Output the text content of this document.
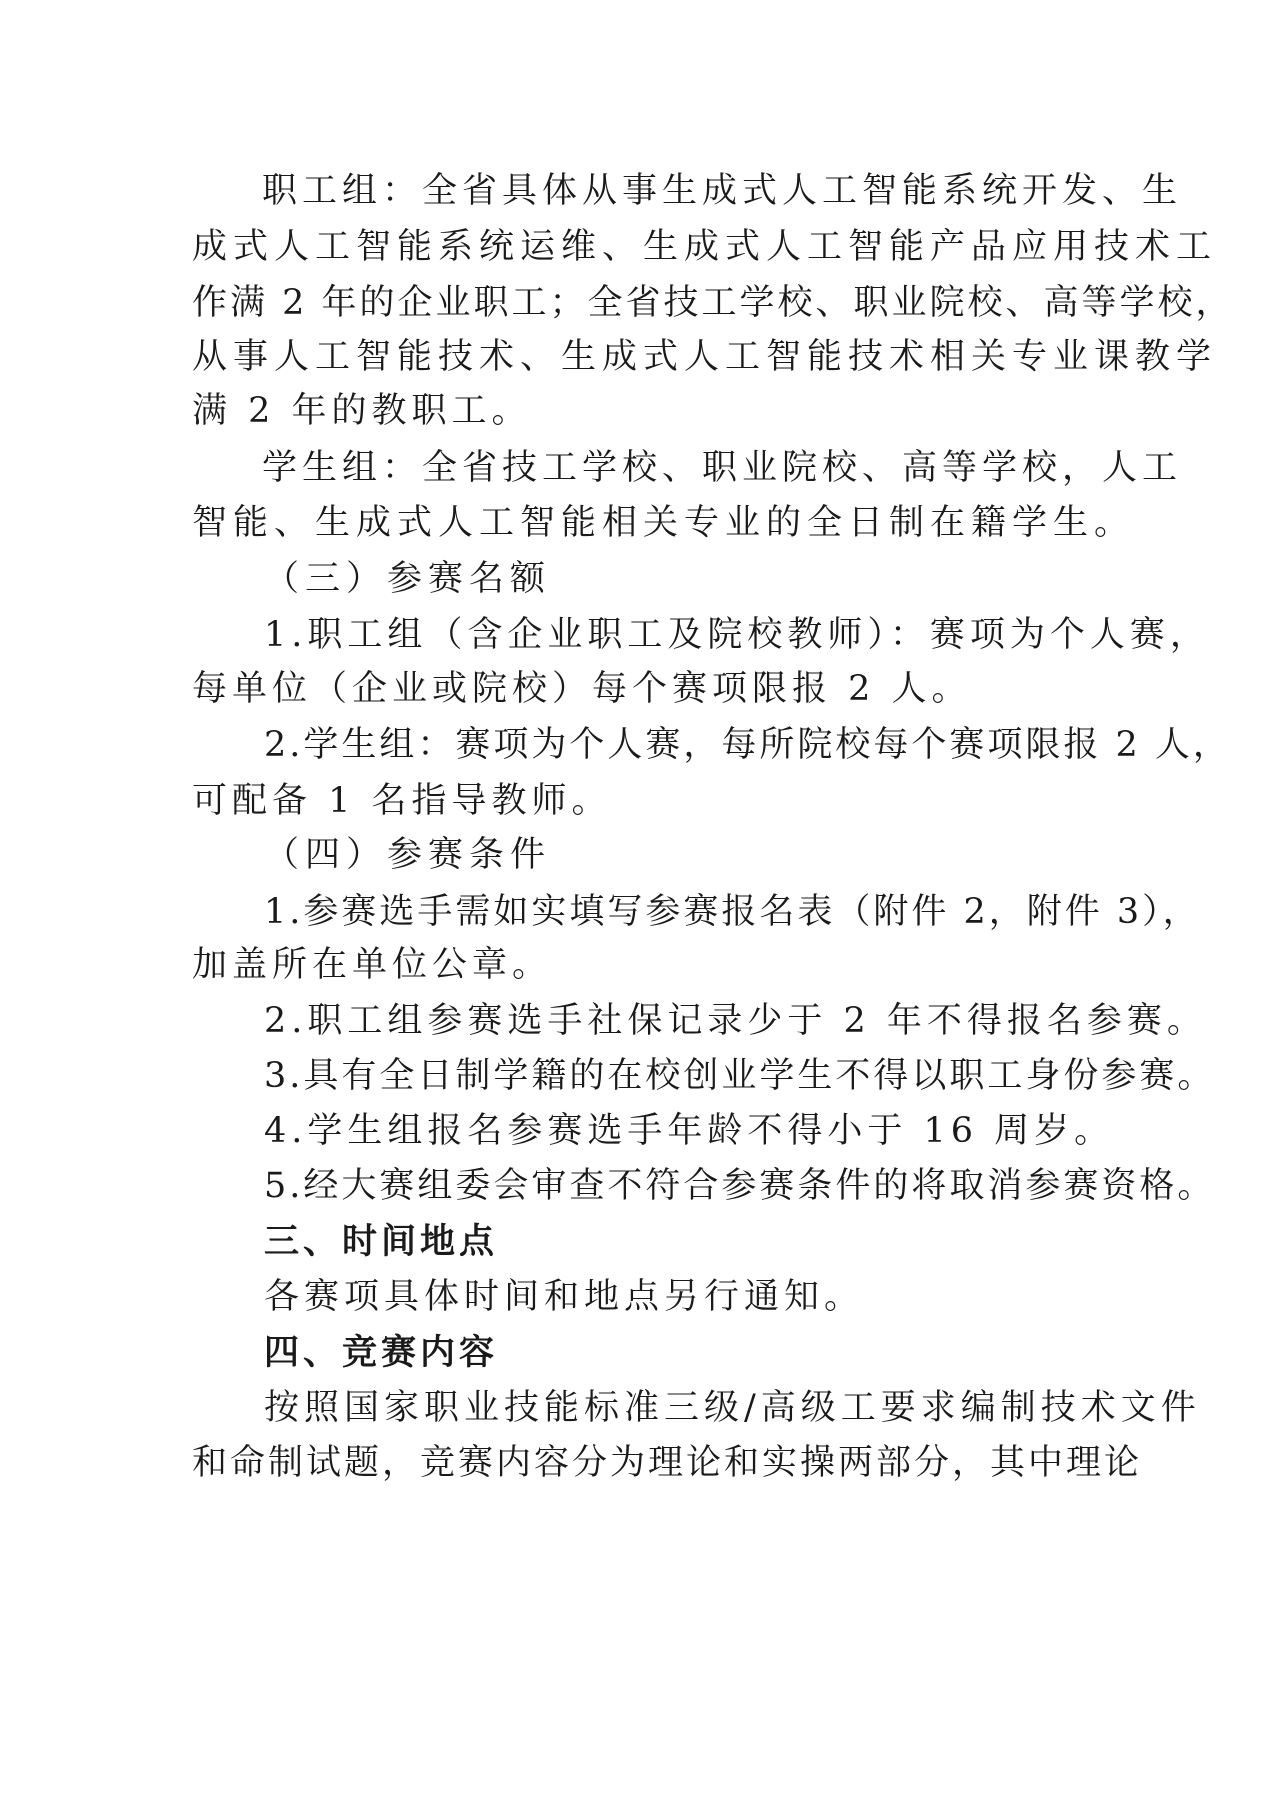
职工组：全省具体从事生成式人工智能系统开发、生
成式人工智能系统运维、生成式人工智能产品应用技术工
作满 2 年的企业职工；全省技工学校、职业院校、高等学校，
从事人工智能技术、生成式人工智能技术相关专业课教学
满 2 年的教职工。
学生组：全省技工学校、职业院校、高等学校，人工
智能、生成式人工智能相关专业的全日制在籍学生。
（三）参赛名额
1.职工组（含企业职工及院校教师）：赛项为个人赛，
每单位（企业或院校）每个赛项限报 2 人。
2.学生组：赛项为个人赛，每所院校每个赛项限报 2 人，
可配备 1 名指导教师。
（四）参赛条件
1.参赛选手需如实填写参赛报名表（附件 2，附件 3），
加盖所在单位公章。
2.职工组参赛选手社保记录少于 2 年不得报名参赛。
3.具有全日制学籍的在校创业学生不得以职工身份参赛。
4.学生组报名参赛选手年龄不得小于 16 周岁。
5.经大赛组委会审查不符合参赛条件的将取消参赛资格。
三、时间地点
各赛项具体时间和地点另行通知。
四、竞赛内容
按照国家职业技能标准三级/高级工要求编制技术文件
和命制试题，竞赛内容分为理论和实操两部分，其中理论
